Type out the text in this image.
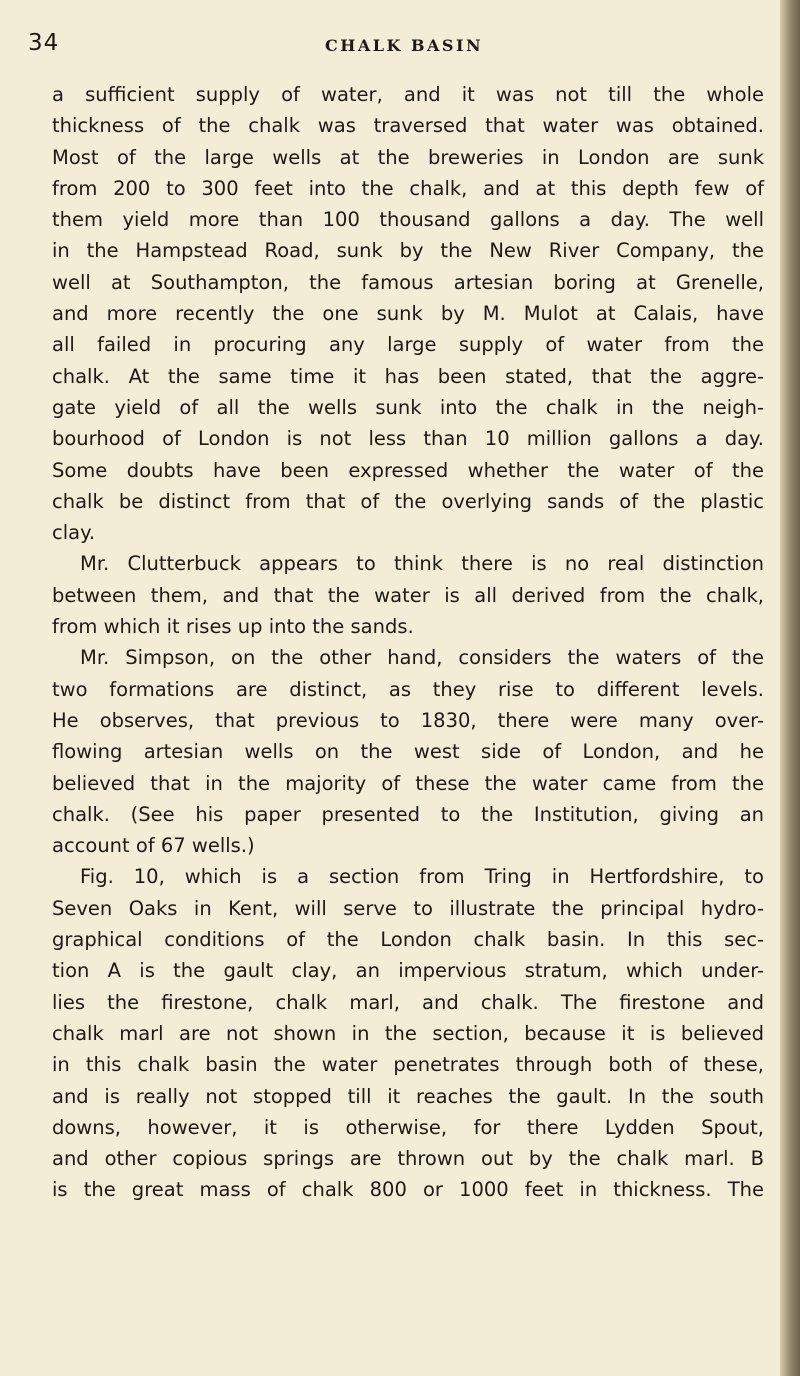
34	CHALK BASIN
a sufficient supply of water, and it was not till the whole
thickness of the chalk was traversed that water was obtained.
Most of the large wells at the breweries in London are sunk
from 200 to 300 feet into the chalk, and at this depth few of
them yield more than 100 thousand gallons a day. The well
in the Hampstead Road, sunk by the New River Company, the
well at Southampton, the famous artesian boring at Grenelle,
and more recently the one sunk by M. Mulot at Calais, have
all failed in procuring any large supply of water from the
chalk. At the same time it has been stated, that the aggre-
gate yield of all the wells sunk into the chalk in the neigh-
bourhood of London is not less than 10 million gallons a day.
Some doubts have been expressed whether the water of the
chalk be distinct from that of the overlying sands of the plastic
clay.
Mr. Clutterbuck appears to think there is no real distinction
between them, and that the water is all derived from the chalk,
from which it rises up into the sands.
Mr. Simpson, on the other hand, considers the waters of the
two formations are distinct, as they rise to different levels.
He observes, that previous to 1830, there were many over-
flowing artesian wells on the west side of London, and he
believed that in the majority of these the water came from the
chalk. (See his paper presented to the Institution, giving an
account of 67 wells.)
Fig. 10, which is a section from Tring in Hertfordshire, to
Seven Oaks in Kent, will serve to illustrate the principal hydro-
graphical conditions of the London chalk basin. In this sec-
tion A is the gault clay, an impervious stratum, which under-
lies the firestone, chalk marl, and chalk. The firestone and
chalk marl are not shown in the section, because it is believed
in this chalk basin the water penetrates through both of these,
and is really not stopped till it reaches the gault. In the south
downs, however, it is otherwise, for there Lydden Spout,
and other copious springs are thrown out by the chalk marl. B
is the great mass of chalk 800 or 1000 feet in thickness. The
